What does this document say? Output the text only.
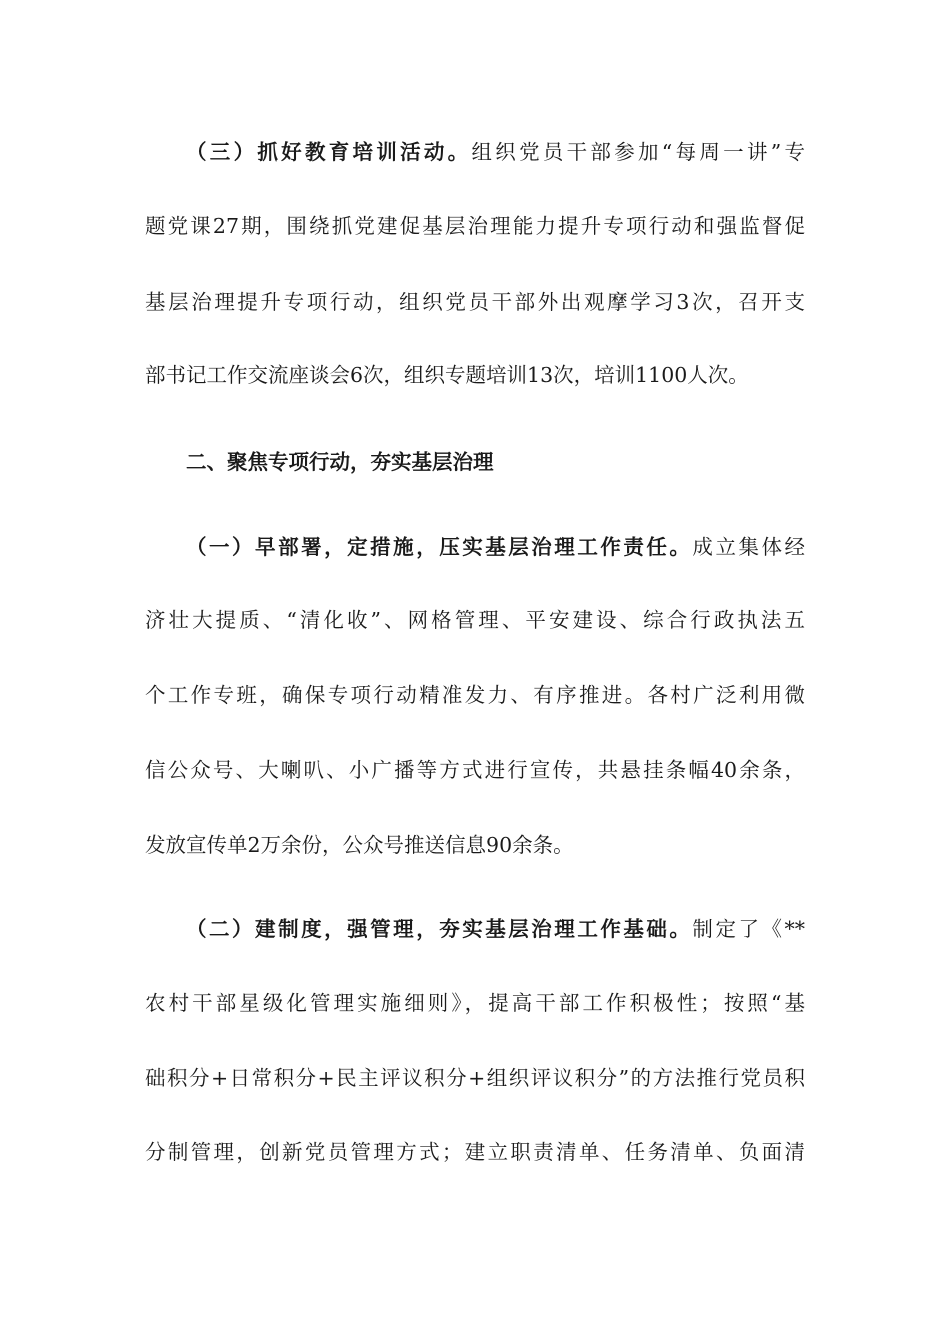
（三）抓好教育培训活动。组织党员干部参加“每周一讲”专
题党课27期，围绕抓党建促基层治理能力提升专项行动和强监督促
基层治理提升专项行动，组织党员干部外出观摩学习3次，召开支
部书记工作交流座谈会6次，组织专题培训13次，培训1100人次。
二、聚焦专项行动，夯实基层治理
（一）早部署，定措施，压实基层治理工作责任。成立集体经
济壮大提质、“清化收”、网格管理、平安建设、综合行政执法五
个工作专班，确保专项行动精准发力、有序推进。各村广泛利用微
信公众号、大喇叭、小广播等方式进行宣传，共悬挂条幅40余条，
发放宣传单2万余份，公众号推送信息90余条。
（二）建制度，强管理，夯实基层治理工作基础。制定了《**
农村干部星级化管理实施细则》，提高干部工作积极性；按照“基
础积分+日常积分+民主评议积分+组织评议积分”的方法推行党员积
分制管理，创新党员管理方式；建立职责清单、任务清单、负面清
